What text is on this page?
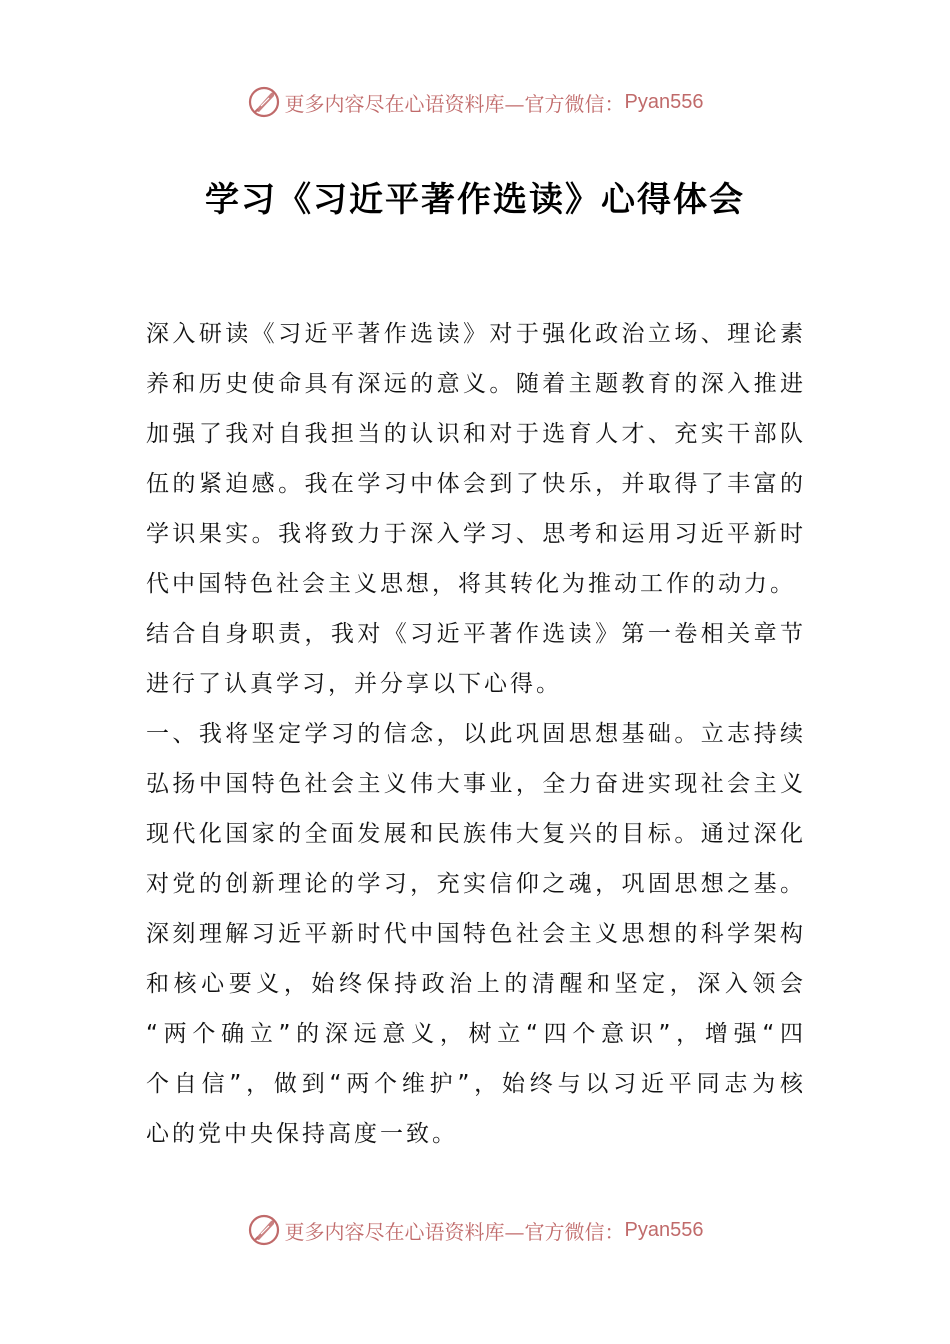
更多内容尽在心语资料库—官方微信： Pyan556
学习《习近平著作选读》心得体会
深入研读《习近平著作选读》对于强化政治立场、理论素
养和历史使命具有深远的意义。随着主题教育的深入推进
加强了我对自我担当的认识和对于选育人才、充实干部队
伍的紧迫感。我在学习中体会到了快乐，并取得了丰富的
学识果实。我将致力于深入学习、思考和运用习近平新时
代中国特色社会主义思想，将其转化为推动工作的动力。
结合自身职责，我对《习近平著作选读》第一卷相关章节
进行了认真学习，并分享以下心得。
一、我将坚定学习的信念，以此巩固思想基础。立志持续
弘扬中国特色社会主义伟大事业，全力奋进实现社会主义
现代化国家的全面发展和民族伟大复兴的目标。通过深化
对党的创新理论的学习，充实信仰之魂，巩固思想之基。
深刻理解习近平新时代中国特色社会主义思想的科学架构
和核心要义，始终保持政治上的清醒和坚定，深入领会
“两个确立”的深远意义，树立“四个意识”，增强“四
个自信”，做到“两个维护”，始终与以习近平同志为核
心的党中央保持高度一致。
更多内容尽在心语资料库—官方微信： Pyan556
